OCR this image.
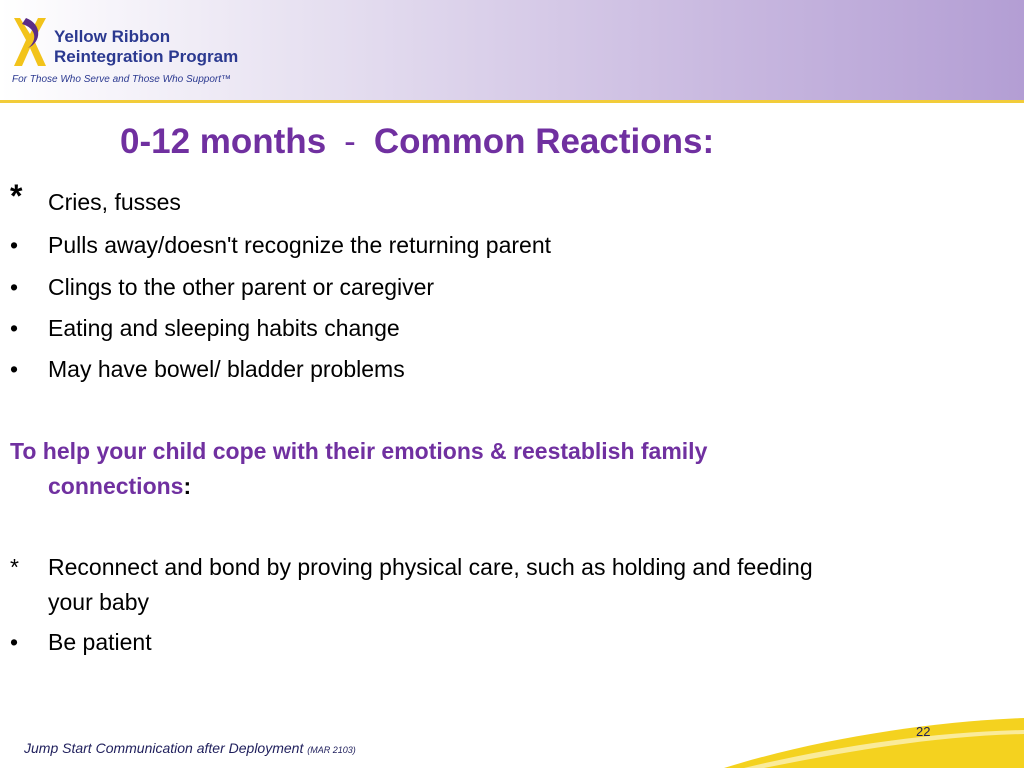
Yellow Ribbon
Reintegration Program
For Those Who Serve and Those Who Support™
0-12 months - Common Reactions:
* Cries, fusses
• Pulls away/doesn't recognize the returning parent
• Clings to the other parent or caregiver
• Eating and sleeping habits change
• May have bowel/ bladder problems
To help your child cope with their emotions & reestablish family
connections:
* Reconnect and bond by proving physical care, such as holding and feeding
your baby
• Be patient
22
Jump Start Communication after Deployment (MAR 2103)
